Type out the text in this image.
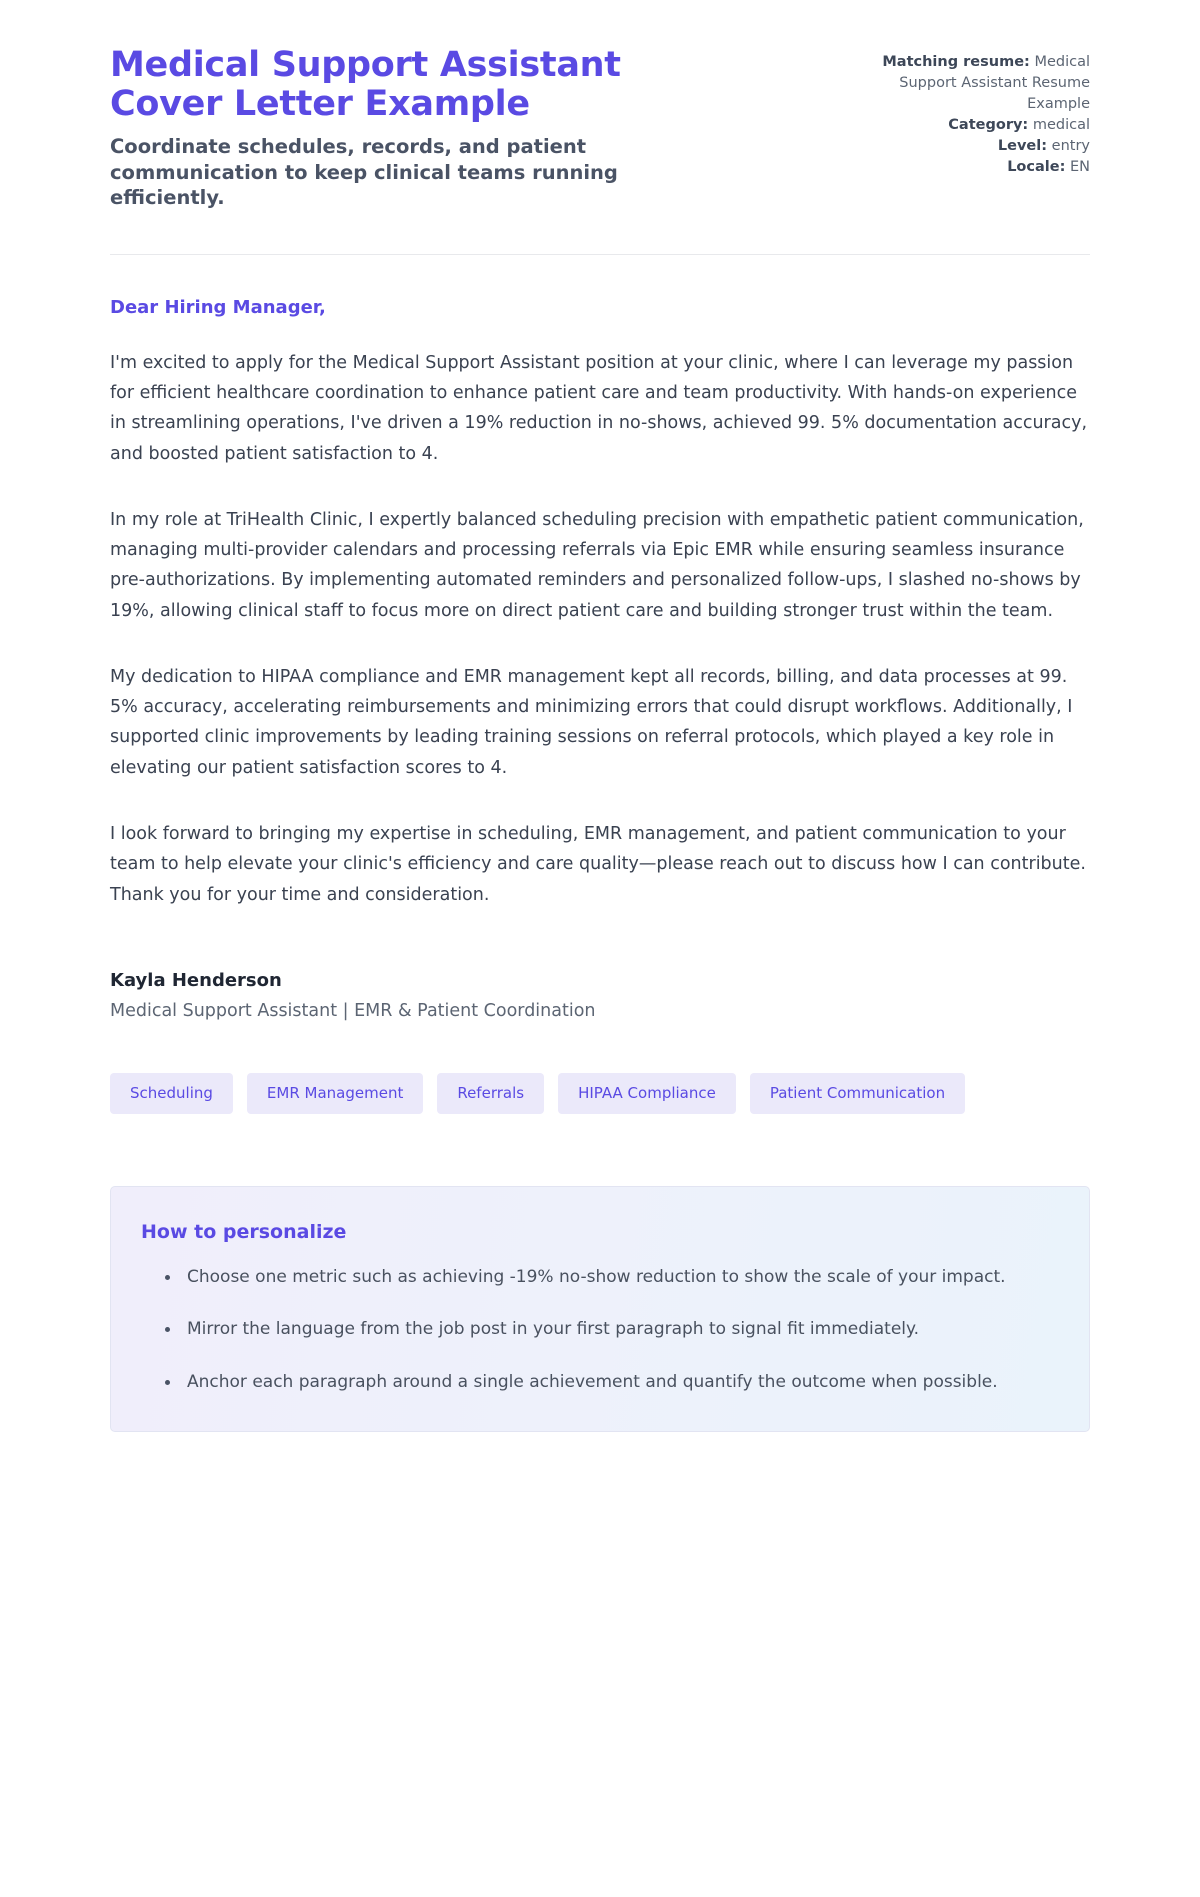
Medical Support Assistant Cover Letter Example

Coordinate schedules, records, and patient communication to keep clinical teams running efficiently.

Matching resume: Medical Support Assistant Resume Example
Category: medical
Level: entry
Locale: EN

Dear Hiring Manager,

I'm excited to apply for the Medical Support Assistant position at your clinic, where I can leverage my passion for efficient healthcare coordination to enhance patient care and team productivity. With hands-on experience in streamlining operations, I've driven a 19% reduction in no-shows, achieved 99. 5% documentation accuracy, and boosted patient satisfaction to 4.

In my role at TriHealth Clinic, I expertly balanced scheduling precision with empathetic patient communication, managing multi-provider calendars and processing referrals via Epic EMR while ensuring seamless insurance pre-authorizations. By implementing automated reminders and personalized follow-ups, I slashed no-shows by 19%, allowing clinical staff to focus more on direct patient care and building stronger trust within the team.

My dedication to HIPAA compliance and EMR management kept all records, billing, and data processes at 99. 5% accuracy, accelerating reimbursements and minimizing errors that could disrupt workflows. Additionally, I supported clinic improvements by leading training sessions on referral protocols, which played a key role in elevating our patient satisfaction scores to 4.

I look forward to bringing my expertise in scheduling, EMR management, and patient communication to your team to help elevate your clinic's efficiency and care quality—please reach out to discuss how I can contribute. Thank you for your time and consideration.

Kayla Henderson

Medical Support Assistant | EMR & Patient Coordination

Scheduling	EMR Management	Referrals	HIPAA Compliance	Patient Communication

How to personalize

Choose one metric such as achieving -19% no-show reduction to show the scale of your impact.
Mirror the language from the job post in your first paragraph to signal fit immediately.
Anchor each paragraph around a single achievement and quantify the outcome when possible.
